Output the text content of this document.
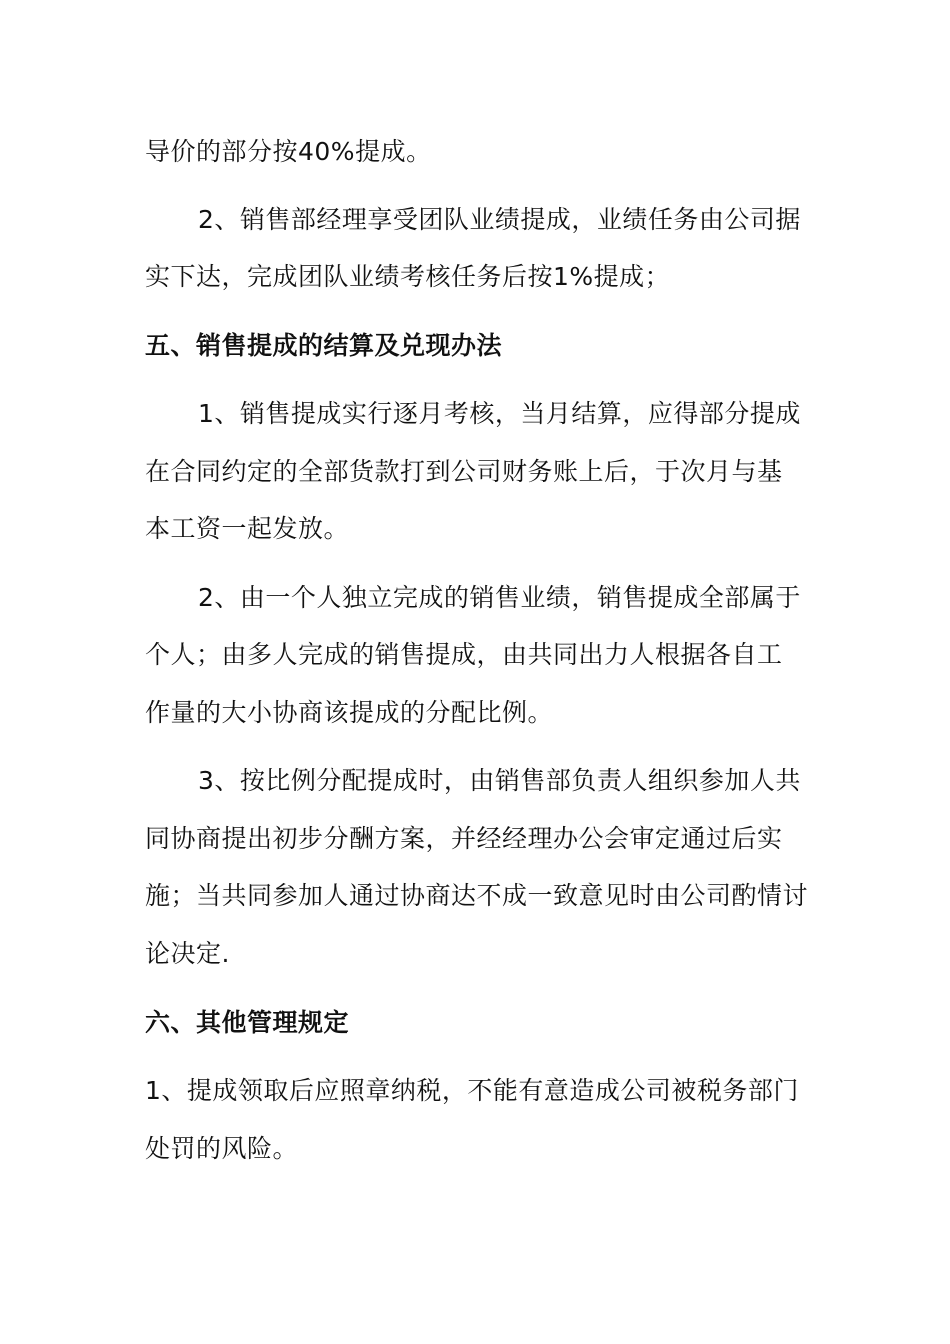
导价的部分按40%提成。
2、销售部经理享受团队业绩提成，业绩任务由公司据
实下达，完成团队业绩考核任务后按1%提成；
五、销售提成的结算及兑现办法
1、销售提成实行逐月考核，当月结算，应得部分提成
在合同约定的全部货款打到公司财务账上后，于次月与基
本工资一起发放。
2、由一个人独立完成的销售业绩，销售提成全部属于
个人；由多人完成的销售提成，由共同出力人根据各自工
作量的大小协商该提成的分配比例。
3、按比例分配提成时，由销售部负责人组织参加人共
同协商提出初步分酬方案，并经经理办公会审定通过后实
施；当共同参加人通过协商达不成一致意见时由公司酌情讨
论决定.
六、其他管理规定
1、提成领取后应照章纳税，不能有意造成公司被税务部门
处罚的风险。
